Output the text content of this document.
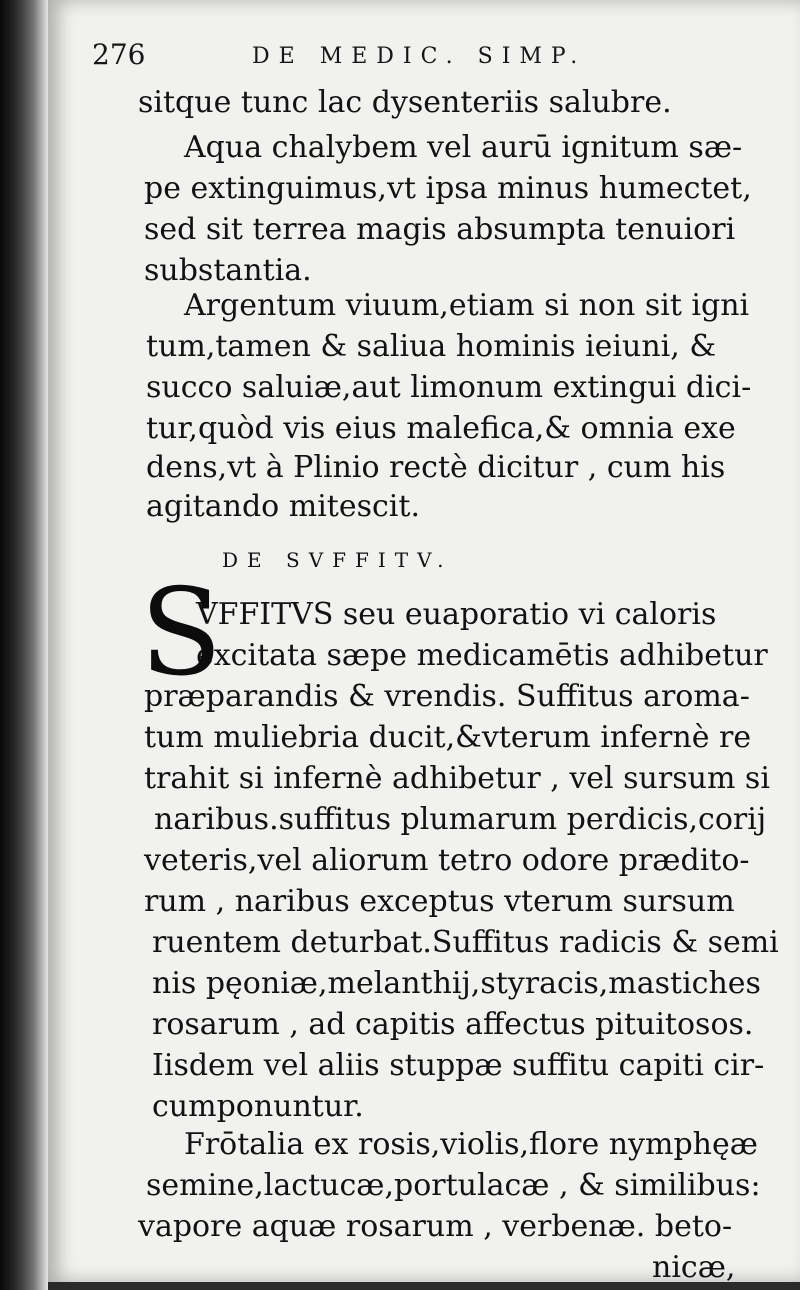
276	DE MEDIC. SIMP.
sitque tunc lac dysenteriis salubre.
Aqua chalybem vel aurū ignitum sæ-
pe extinguimus,vt ipsa minus humectet,
sed sit terrea magis absumpta tenuiori
substantia.
Argentum viuum,etiam si non sit igni
tum,tamen & saliua hominis ieiuni, &
succo saluiæ,aut limonum extingui dici-
tur,quòd vis eius malefica,& omnia exe
dens,vt à Plinio rectè dicitur , cum his
agitando mitescit.
VFFITVS seu euaporatio vi caloris
excitata sæpe medicamētis adhibetur
præparandis & vrendis. Suffitus aroma-
tum muliebria ducit,&vterum infernè re
trahit si infernè adhibetur , vel sursum si
naribus.suffitus plumarum perdicis,corij
veteris,vel aliorum tetro odore prædito-
rum , naribus exceptus vterum sursum
ruentem deturbat.Suffitus radicis & semi
nis pęoniæ,melanthij,styracis,mastiches
rosarum , ad capitis affectus pituitosos.
Iisdem vel aliis stuppæ suffitu capiti cir-
cumponuntur.
Frōtalia ex rosis,violis,flore nymphęæ
semine,lactucæ,portulacæ , & similibus:
vapore aquæ rosarum , verbenæ. beto-
nicæ,
DE SVFFITV.
S
